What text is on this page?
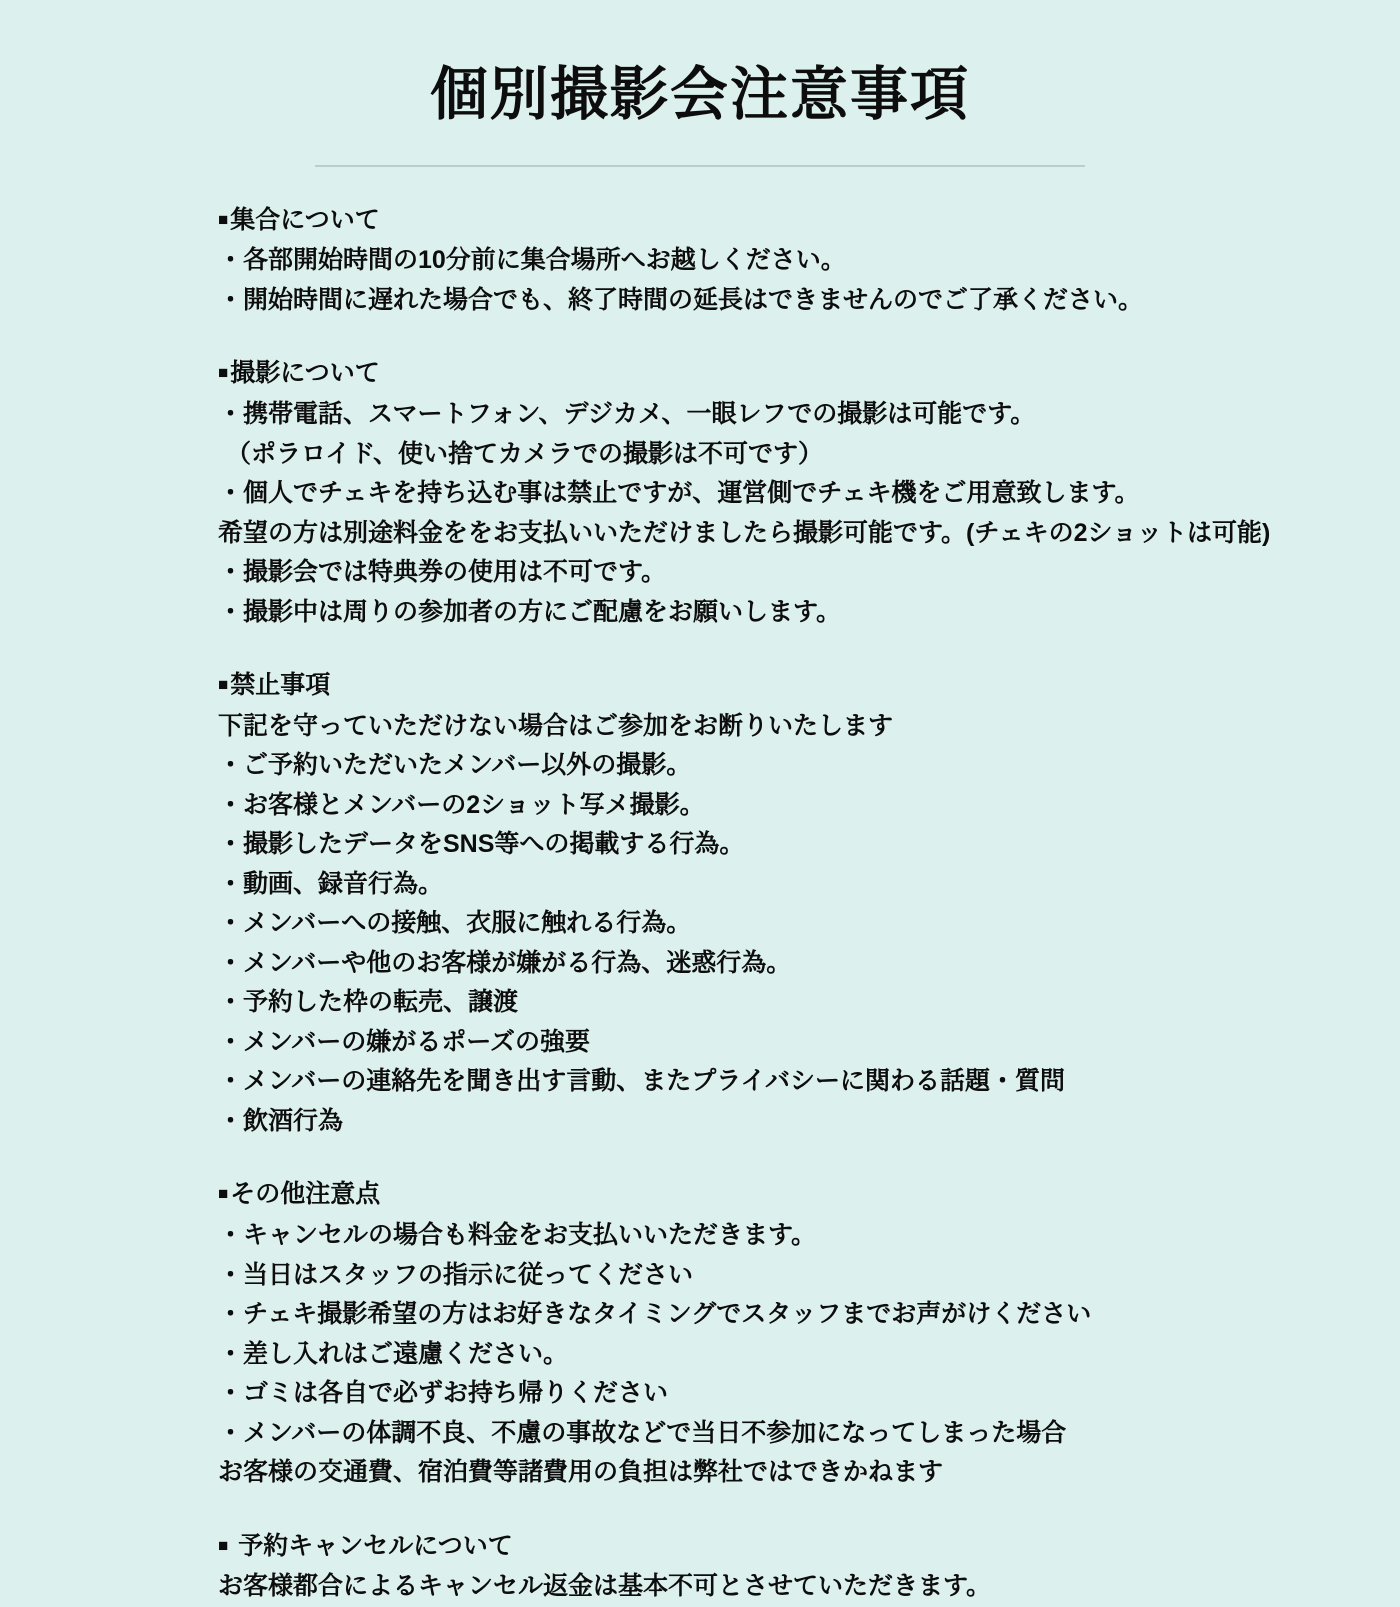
個別撮影会注意事項
■集合について

・各部開始時間の10分前に集合場所へお越しください。

・開始時間に遅れた場合でも、終了時間の延長はできませんのでご了承ください。

■撮影について

・携帯電話、スマートフォン、デジカメ、一眼レフでの撮影は可能です。

（ポラロイド、使い捨てカメラでの撮影は不可です）

・個人でチェキを持ち込む事は禁止ですが、運営側でチェキ機をご用意致します。

希望の方は別途料金ををお支払いいただけましたら撮影可能です。(チェキの2ショットは可能)

・撮影会では特典券の使用は不可です。

・撮影中は周りの参加者の方にご配慮をお願いします。

■禁止事項

下記を守っていただけない場合はご参加をお断りいたします

・ご予約いただいたメンバー以外の撮影。

・お客様とメンバーの2ショット写メ撮影。

・撮影したデータをSNS等への掲載する行為。

・動画、録音行為。

・メンバーへの接触、衣服に触れる行為。

・メンバーや他のお客様が嫌がる行為、迷惑行為。

・予約した枠の転売、譲渡

・メンバーの嫌がるポーズの強要

・メンバーの連絡先を聞き出す言動、またプライバシーに関わる話題・質問

・飲酒行為

■その他注意点

・キャンセルの場合も料金をお支払いいただきます。

・当日はスタッフの指示に従ってください

・チェキ撮影希望の方はお好きなタイミングでスタッフまでお声がけください

・差し入れはご遠慮ください。

・ゴミは各自で必ずお持ち帰りください

・メンバーの体調不良、不慮の事故などで当日不参加になってしまった場合

お客様の交通費、宿泊費等諸費用の負担は弊社ではできかねます

■ 予約キャンセルについて

お客様都合によるキャンセル返金は基本不可とさせていただきます。
